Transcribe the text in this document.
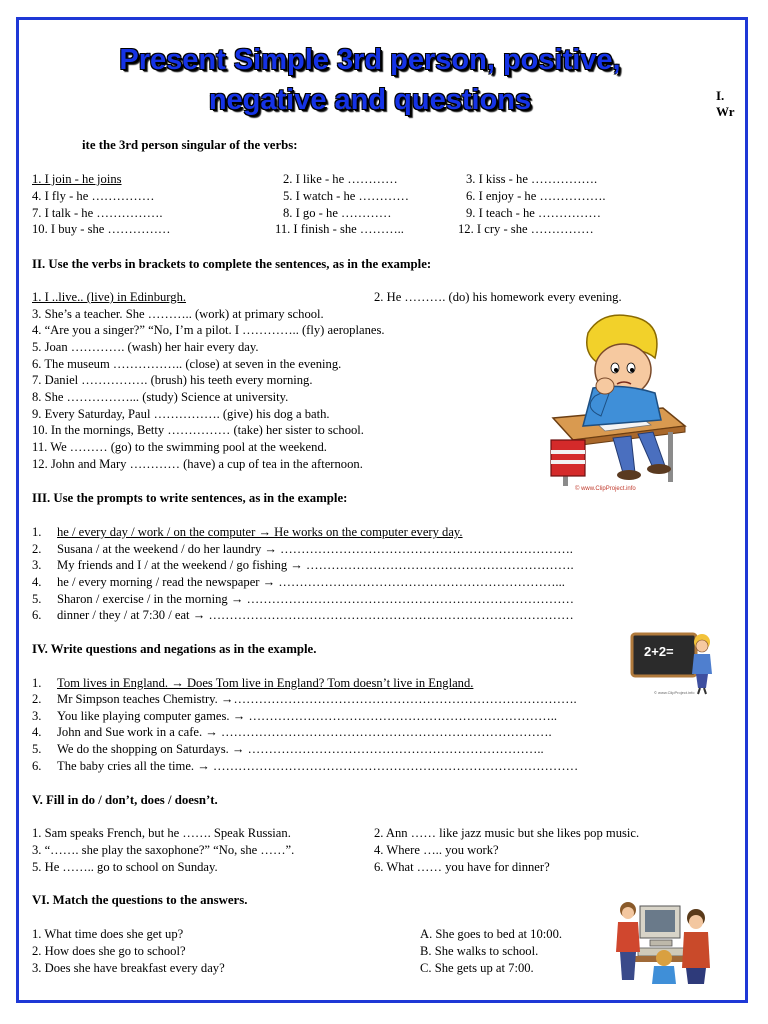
Present Simple 3rd person, positive,
negative and questions	I.
Wr
ite the 3rd person singular of the verbs:
1. I join - he joins	2. I like - he …………	3. I kiss - he …………….
4. I fly - he ……………	5. I watch - he …………	6. I enjoy - he …………….
7. I talk - he …………….	8. I go - he …………	9. I teach - he ……………
10. I buy - she ……………	11. I finish - she ………..	12. I cry - she ……………
II. Use the verbs in brackets to complete the sentences, as in the example:
1. I ..live.. (live) in Edinburgh.	2. He ………. (do) his homework every evening.
3. She’s a teacher. She ……….. (work) at primary school.
4. “Are you a singer?” “No, I’m a pilot. I ………….. (fly) aeroplanes.
5. Joan …………. (wash) her hair every day.
6. The museum …………….. (close) at seven in the evening.
7. Daniel ……………. (brush) his teeth every morning.
8. She ……………... (study) Science at university.
9. Every Saturday, Paul ……………. (give) his dog a bath.
10. In the mornings, Betty …………… (take) her sister to school.
11. We ……… (go) to the swimming pool at the weekend.
12. John and Mary ………… (have) a cup of tea in the afternoon.
© www.ClipProject.info
III. Use the prompts to write sentences, as in the example:
1. he / every day / work / on the computer → He works on the computer every day.
2. Susana / at the weekend / do her laundry → …………………………………………………………….
3. My friends and I / at the weekend / go fishing → ……………………………………………………….
4. he / every morning / read the newspaper → …………………………………………………………...
5. Sharon / exercise / in the morning → ……………………………………………………………………
6. dinner / they / at 7:30 / eat → ……………………………………………………………………………
IV. Write questions and negations as in the example.	2+2=
© www.ClipProject.info
1. Tom lives in England. → Does Tom live in England? Tom doesn’t live in England.
2. Mr Simpson teaches Chemistry. →……………………………………………………………………….
3. You like playing computer games. → ………………………………………………………………..
4. John and Sue work in a cafe. → …………………………………………………………………….
5. We do the shopping on Saturdays. → ……………………………………………………………..
6. The baby cries all the time. → ……………………………………………………………………………
V. Fill in do / don’t, does / doesn’t.
1. Sam speaks French, but he ……. Speak Russian.	2. Ann …… like jazz music but she likes pop music.
3. “……. she play the saxophone?” “No, she ……”.	4. Where ….. you work?
5. He …….. go to school on Sunday.	6. What …… you have for dinner?
VI. Match the questions to the answers.
1. What time does she get up?
2. How does she go to school?
3. Does she have breakfast every day?
A. She goes to bed at 10:00.
B. She walks to school.
C. She gets up at 7:00.
